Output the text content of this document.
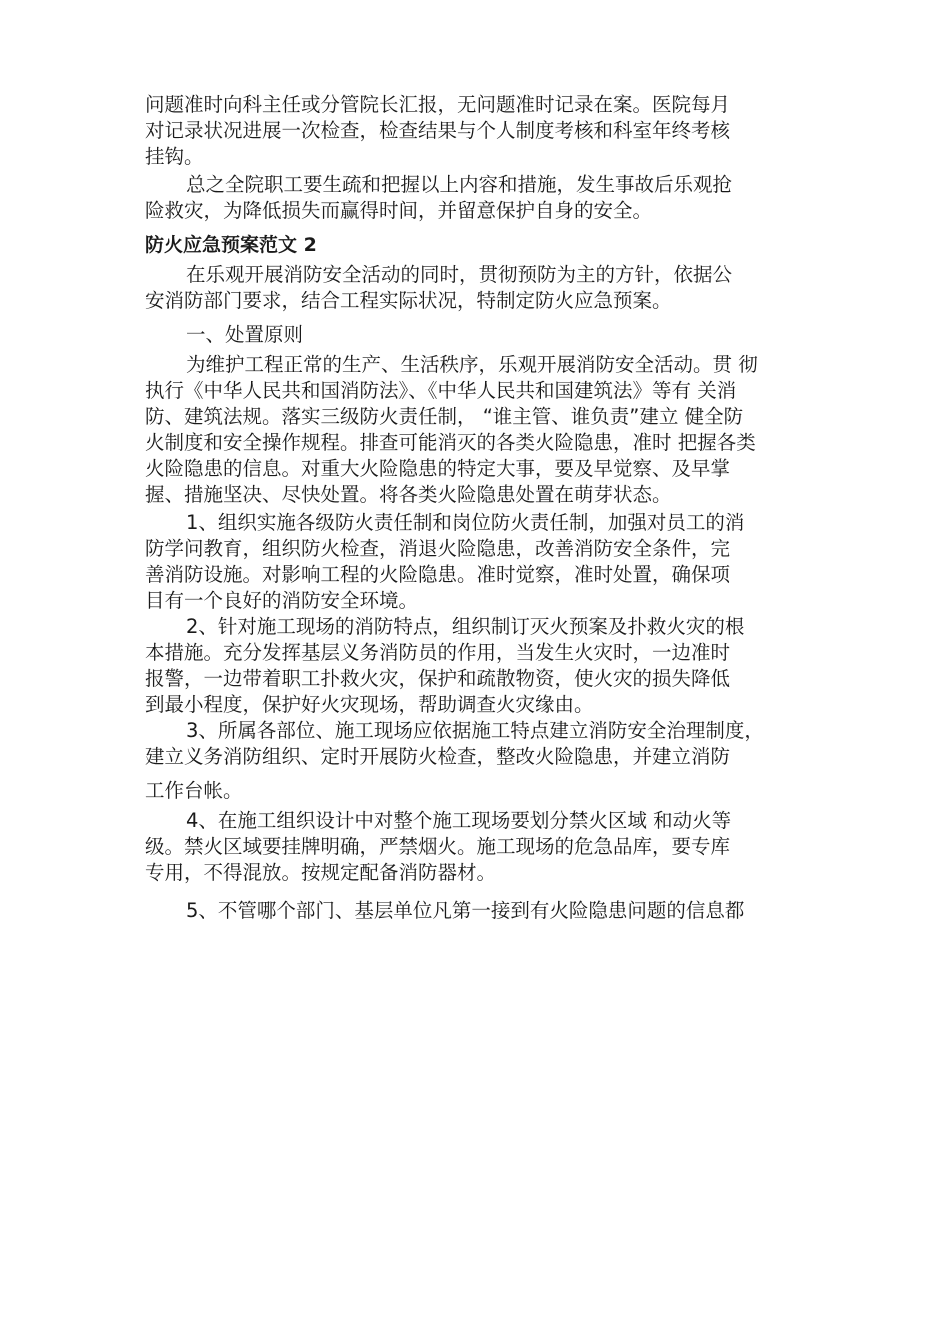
问题准时向科主任或分管院长汇报，无问题准时记录在案。医院每月
对记录状况进展一次检查，检查结果与个人制度考核和科室年终考核
挂钩。
总之全院职工要生疏和把握以上内容和措施，发生事故后乐观抢
险救灾，为降低损失而赢得时间，并留意保护自身的安全。
防火应急预案范文 2
在乐观开展消防安全活动的同时，贯彻预防为主的方针，依据公
安消防部门要求，结合工程实际状况，特制定防火应急预案。
一、处置原则
为维护工程正常的生产、生活秩序，乐观开展消防安全活动。贯 彻
执行《中华人民共和国消防法》、《中华人民共和国建筑法》等有 关消
防、建筑法规。落实三级防火责任制， “谁主管、谁负责”建立 健全防
火制度和安全操作规程。排查可能消灭的各类火险隐患，准时 把握各类
火险隐患的信息。对重大火险隐患的特定大事，要及早觉察、及早掌
握、措施坚决、尽快处置。将各类火险隐患处置在萌芽状态。
1、组织实施各级防火责任制和岗位防火责任制，加强对员工的消
防学问教育，组织防火检查，消退火险隐患，改善消防安全条件，完
善消防设施。对影响工程的火险隐患。准时觉察，准时处置，确保项
目有一个良好的消防安全环境。
2、针对施工现场的消防特点，组织制订灭火预案及扑救火灾的根
本措施。充分发挥基层义务消防员的作用，当发生火灾时，一边准时
报警，一边带着职工扑救火灾，保护和疏散物资，使火灾的损失降低
到最小程度，保护好火灾现场，帮助调查火灾缘由。
3、所属各部位、施工现场应依据施工特点建立消防安全治理制度，
建立义务消防组织、定时开展防火检查，整改火险隐患，并建立消防
工作台帐。
4、在施工组织设计中对整个施工现场要划分禁火区域 和动火等
级。禁火区域要挂牌明确，严禁烟火。施工现场的危急品库，要专库
专用，不得混放。按规定配备消防器材。
5、不管哪个部门、基层单位凡第一接到有火险隐患问题的信息都
